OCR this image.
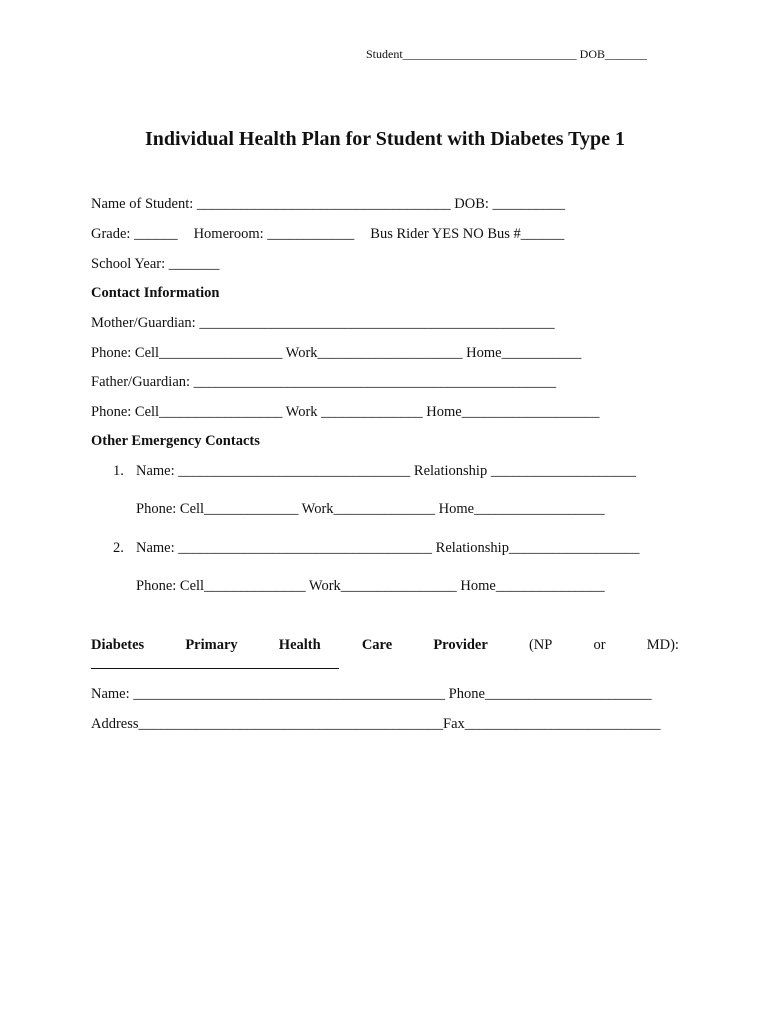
Student_____________________________ DOB_______
Individual Health Plan for Student with Diabetes Type 1
Name of Student: ___________________________________ DOB: __________
Grade: ______ Homeroom: ____________ Bus Rider YES NO Bus #______
School Year: _______
Contact Information
Mother/Guardian: _________________________________________________
Phone: Cell_________________ Work____________________ Home___________
Father/Guardian: __________________________________________________
Phone: Cell_________________ Work ______________ Home___________________
Other Emergency Contacts
1. Name: ________________________________ Relationship ____________________
Phone: Cell_____________ Work______________ Home__________________
2. Name: ___________________________________ Relationship__________________
Phone: Cell______________ Work________________ Home_______________
Diabetes	Primary	Health	Care	Provider	(NP	or	MD):
Name: ___________________________________________ Phone_______________________
Address__________________________________________Fax___________________________
